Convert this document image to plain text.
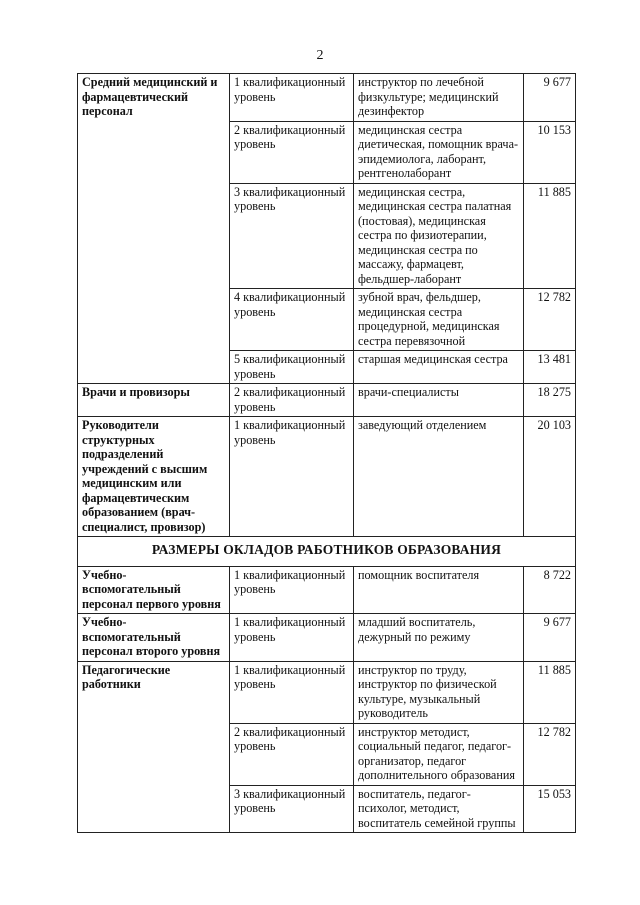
2
Средний медицинский и фармацевтический персонал	1 квалификационный уровень	инструктор по лечебной физкультуре; медицинский дезинфектор	9 677
	2 квалификационный уровень	медицинская сестра диетическая, помощник врача-эпидемиолога, лаборант, рентгенолаборант	10 153
	3 квалификационный уровень	медицинская сестра, медицинская сестра палатная (постовая), медицинская сестра по физиотерапии, медицинская сестра по массажу, фармацевт, фельдшер-лаборант	11 885
	4 квалификационный уровень	зубной врач, фельдшер, медицинская сестра процедурной, медицинская сестра перевязочной	12 782
	5 квалификационный уровень	старшая медицинская сестра	13 481
Врачи и провизоры	2 квалификационный уровень	врачи-специалисты	18 275
Руководители структурных подразделений учреждений с высшим медицинским или фармацевтическим образованием (врач-специалист, провизор)	1 квалификационный уровень	заведующий отделением	20 103
РАЗМЕРЫ ОКЛАДОВ РАБОТНИКОВ ОБРАЗОВАНИЯ			
Учебно-вспомогательный персонал первого уровня	1 квалификационный уровень	помощник воспитателя	8 722
Учебно-вспомогательный персонал второго уровня	1 квалификационный уровень	младший воспитатель, дежурный по режиму	9 677
Педагогические работники	1 квалификационный уровень	инструктор по труду, инструктор по физической культуре, музыкальный руководитель	11 885
	2 квалификационный уровень	инструктор методист, социальный педагог, педагог- организатор, педагог дополнительного образования	12 782
	3 квалификационный уровень	воспитатель, педагог-психолог, методист, воспитатель семейной группы	15 053
